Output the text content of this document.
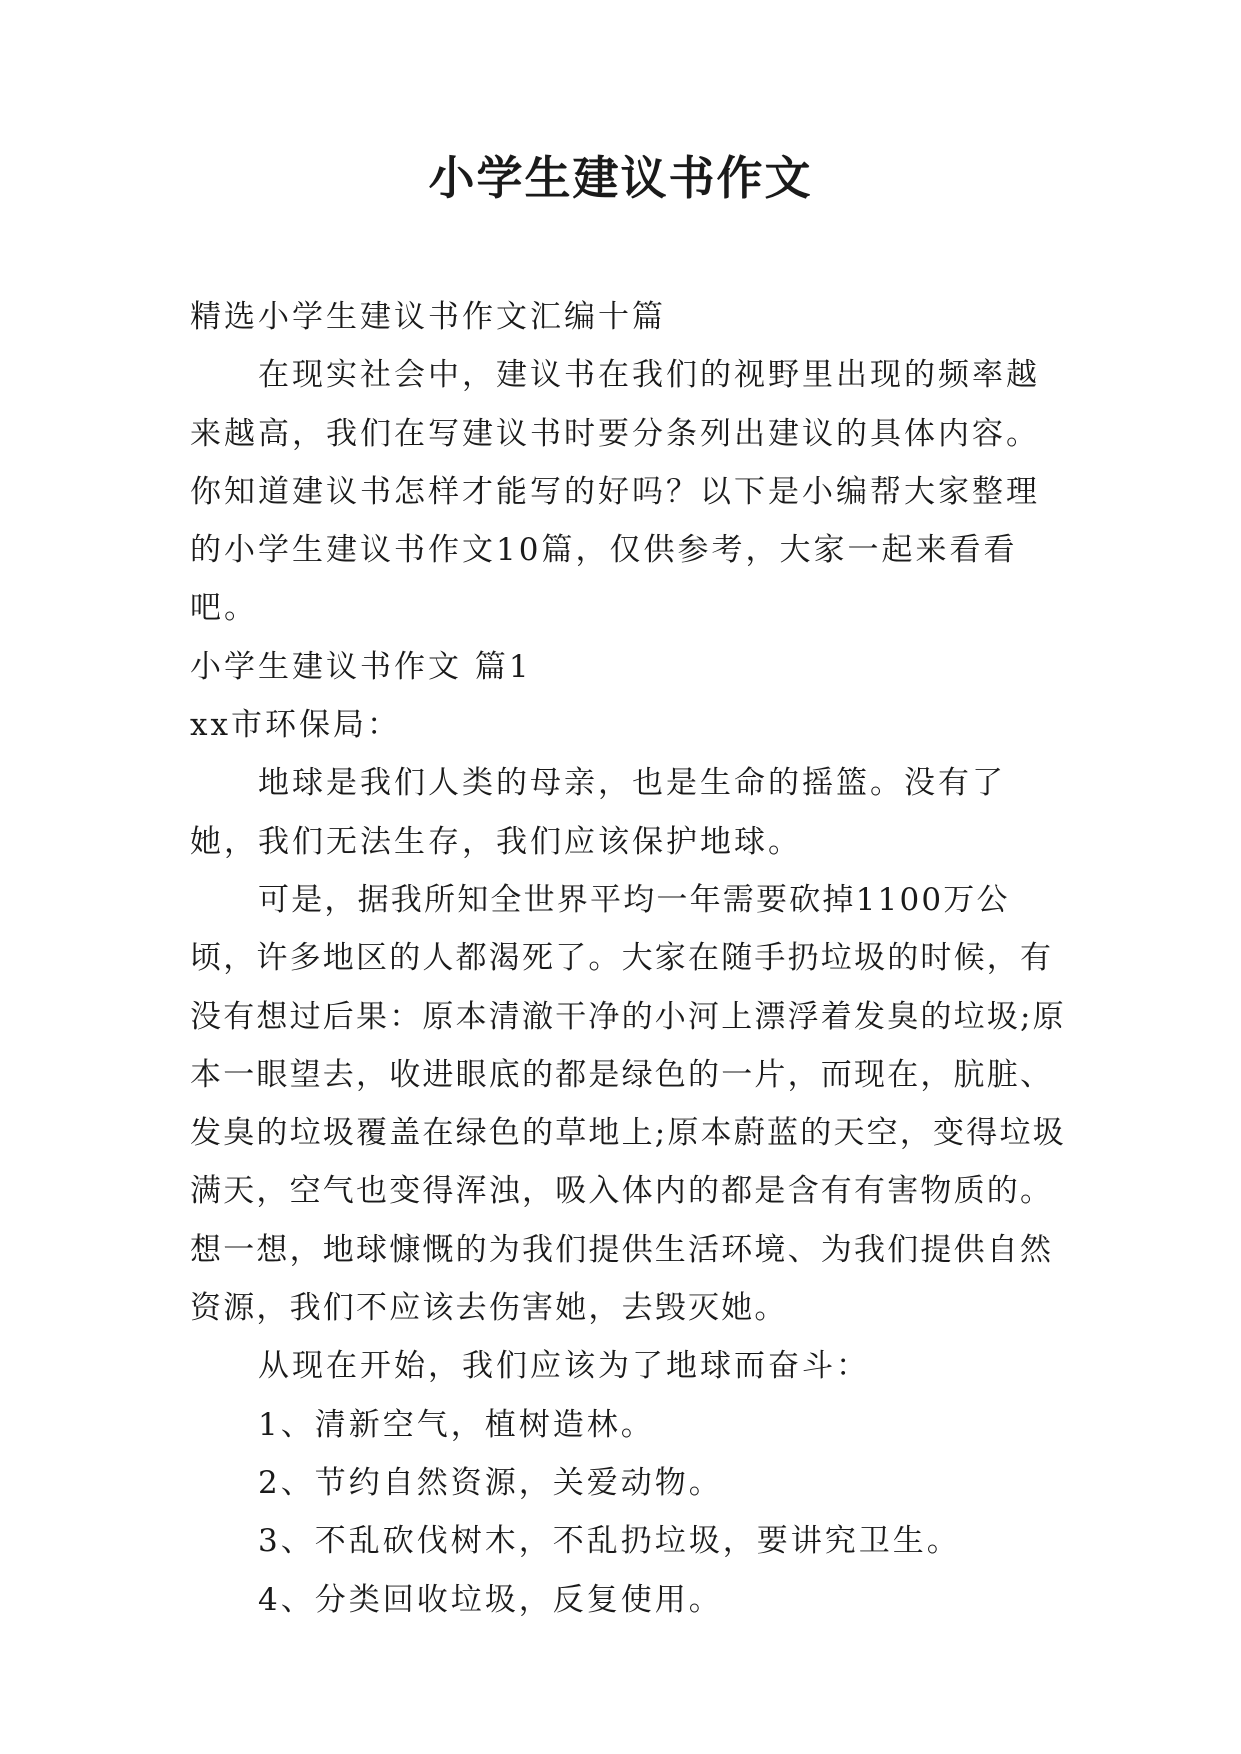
小学生建议书作文

精选小学生建议书作文汇编十篇

在现实社会中，建议书在我们的视野里出现的频率越来越高，我们在写建议书时要分条列出建议的具体内容。你知道建议书怎样才能写的好吗？以下是小编帮大家整理的小学生建议书作文10篇，仅供参考，大家一起来看看吧。

小学生建议书作文 篇1

xx市环保局：

地球是我们人类的母亲，也是生命的摇篮。没有了她，我们无法生存，我们应该保护地球。

可是，据我所知全世界平均一年需要砍掉1100万公顷，许多地区的人都渴死了。大家在随手扔垃圾的时候，有没有想过后果：原本清澈干净的小河上漂浮着发臭的垃圾;原本一眼望去，收进眼底的都是绿色的一片，而现在，肮脏、发臭的垃圾覆盖在绿色的草地上;原本蔚蓝的天空，变得垃圾满天，空气也变得浑浊，吸入体内的都是含有有害物质的。想一想，地球慷慨的为我们提供生活环境、为我们提供自然资源，我们不应该去伤害她，去毁灭她。

从现在开始，我们应该为了地球而奋斗：

1、清新空气，植树造林。

2、节约自然资源，关爱动物。

3、不乱砍伐树木，不乱扔垃圾，要讲究卫生。

4、分类回收垃圾，反复使用。
